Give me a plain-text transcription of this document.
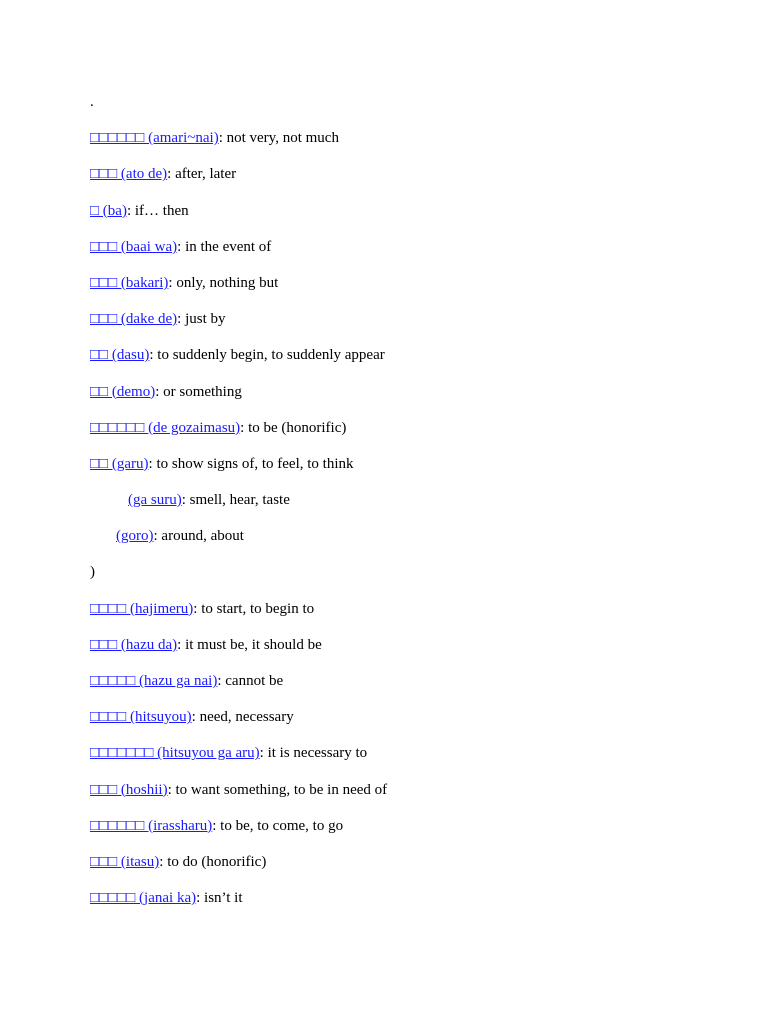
.
□□□□□□ (amari~nai): not very, not much
□□□ (ato de): after, later
□ (ba): if… then
□□□ (baai wa): in the event of
□□□ (bakari): only, nothing but
□□□ (dake de): just by
□□ (dasu): to suddenly begin, to suddenly appear
□□ (demo): or something
□□□□□□ (de gozaimasu): to be (honorific)
□□ (garu): to show signs of, to feel, to think
(ga suru): smell, hear, taste
(goro): around, about
)
□□□□ (hajimeru): to start, to begin to
□□□ (hazu da): it must be, it should be
□□□□□ (hazu ga nai): cannot be
□□□□ (hitsuyou): need, necessary
□□□□□□□ (hitsuyou ga aru): it is necessary to
□□□ (hoshii): to want something, to be in need of
□□□□□□ (irassharu): to be, to come, to go
□□□ (itasu): to do (honorific)
□□□□□ (janai ka): isn’t it
